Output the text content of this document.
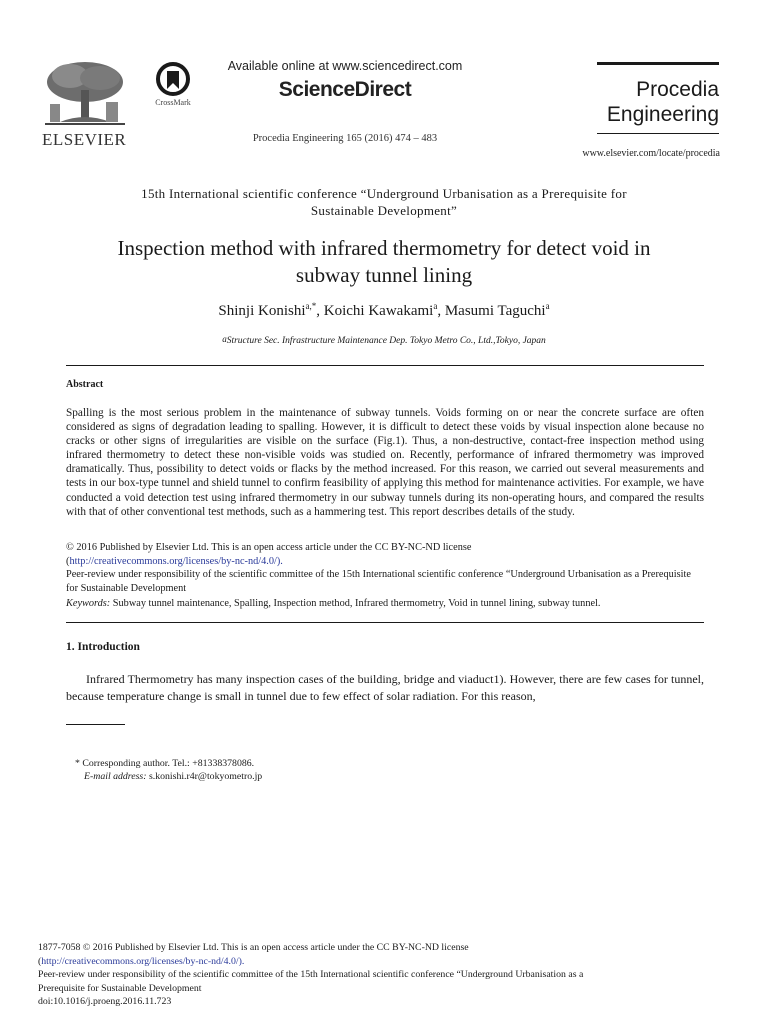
ELSEVIER
CrossMark
Available online at www.sciencedirect.com
ScienceDirect
Procedia Engineering 165 (2016) 474 – 483
Procedia
Engineering
www.elsevier.com/locate/procedia
15th International scientific conference “Underground Urbanisation as a Prerequisite for
Sustainable Development”
Inspection method with infrared thermometry for detect void in
subway tunnel lining
Shinji Konishi$^{a,*}$, Koichi Kawakami$^a$, Masumi Taguchi$^a$
$^a$Structure Sec. Infrastructure Maintenance Dep. Tokyo Metro Co., Ltd.,Tokyo, Japan
Abstract
Spalling is the most serious problem in the maintenance of subway tunnels. Voids forming on or near the concrete surface are often considered as signs of degradation leading to spalling. However, it is difficult to detect these voids by visual inspection alone because no cracks or other signs of irregularities are visible on the surface (Fig.1). Thus, a non-destructive, contact-free inspection method using infrared thermometry to detect these non-visible voids was studied on. Recently, performance of infrared thermometry was improved dramatically. Thus, possibility to detect voids or flacks by the method increased. For this reason, we carried out several measurements and tests in our box-type tunnel and shield tunnel to confirm feasibility of applying this method for maintenance activities. For example, we have conducted a void detection test using infrared thermometry in our subway tunnels during its non-operating hours, and compared the results with that of other conventional test methods, such as a hammering test. This report describes details of the study.
© 2016 Published by Elsevier Ltd. This is an open access article under the CC BY-NC-ND license
(http://creativecommons.org/licenses/by-nc-nd/4.0/).
Peer-review under responsibility of the scientific committee of the 15th International scientific conference “Underground Urbanisation as a Prerequisite for Sustainable Development
Keywords: Subway tunnel maintenance, Spalling, Inspection method, Infrared thermometry, Void in tunnel lining, subway tunnel.
1. Introduction
Infrared Thermometry has many inspection cases of the building, bridge and viaduct1). However, there are few cases for tunnel, because temperature change is small in tunnel due to few effect of solar radiation. For this reason,
* Corresponding author. Tel.: +81338378086.
E-mail address: s.konishi.r4r@tokyometro.jp
1877-7058 © 2016 Published by Elsevier Ltd. This is an open access article under the CC BY-NC-ND license
(http://creativecommons.org/licenses/by-nc-nd/4.0/).
Peer-review under responsibility of the scientific committee of the 15th International scientific conference “Underground Urbanisation as a
Prerequisite for Sustainable Development
doi:10.1016/j.proeng.2016.11.723
